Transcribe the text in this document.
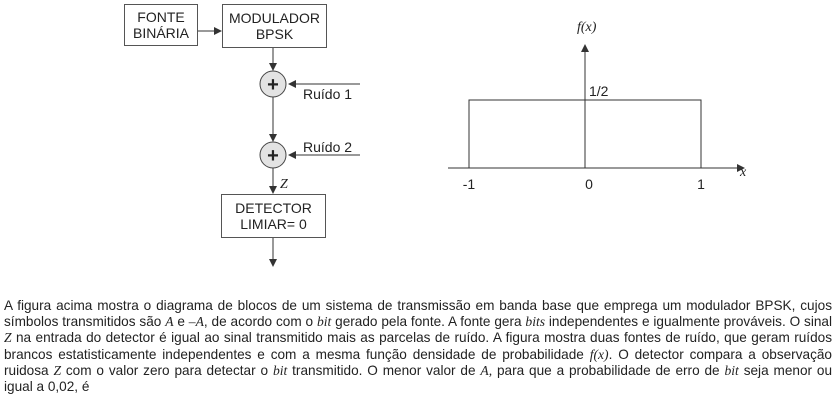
+
+
Ruído 1
Ruído 2
Z	-1	0	1
f(x)
x
1/2
FONTE
BINÁRIA
MODULADOR
BPSK
DETECTOR
LIMIAR= 0
A figura acima mostra o diagrama de blocos de um sistema de transmissão em banda base que emprega um modulador BPSK, cujos símbolos transmitidos são A e –A, de acordo com o bit gerado pela fonte. A fonte gera bits independentes e igualmente prováveis. O sinal Z na entrada do detector é igual ao sinal transmitido mais as parcelas de ruído. A figura mostra duas fontes de ruído, que geram ruídos brancos estatisticamente independentes e com a mesma função densidade de probabilidade f(x). O detector compara a observação ruidosa Z com o valor zero para detectar o bit transmitido. O menor valor de A, para que a probabilidade de erro de bit seja menor ou igual a 0,02, é
